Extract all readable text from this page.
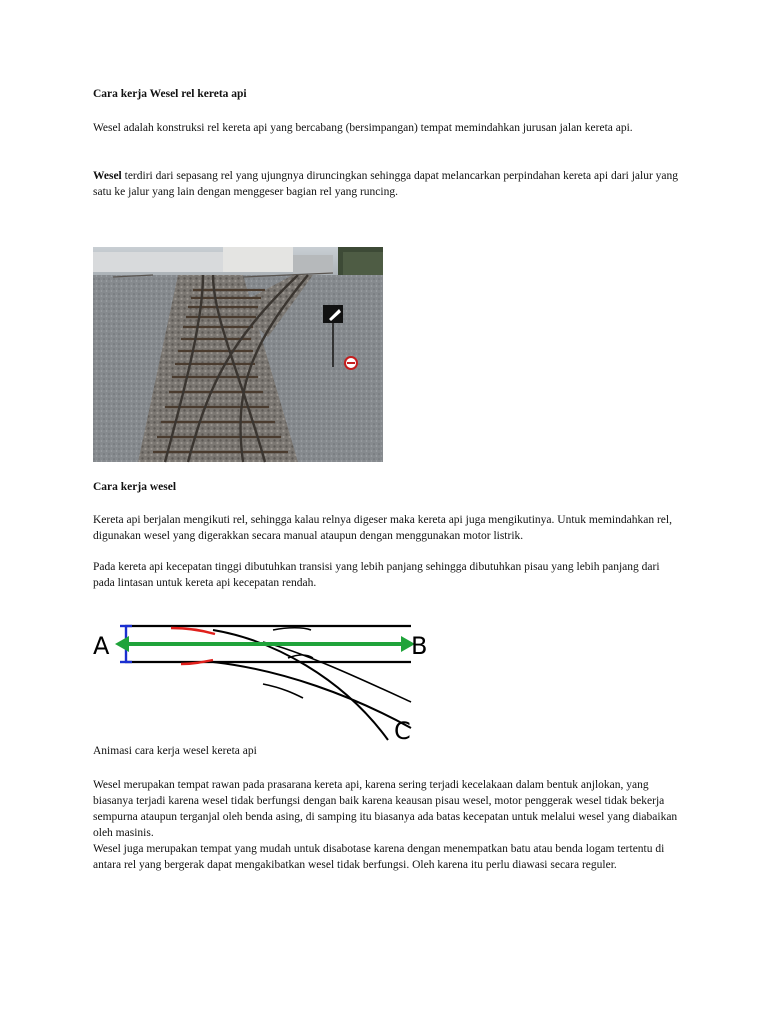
Cara kerja Wesel rel kereta api

Wesel adalah konstruksi rel kereta api yang bercabang (bersimpangan) tempat memindahkan jurusan jalan kereta api.

Wesel terdiri dari sepasang rel yang ujungnya diruncingkan sehingga dapat melancarkan perpindahan kereta api dari jalur yang satu ke jalur yang lain dengan menggeser bagian rel yang runcing.

Cara kerja wesel

Kereta api berjalan mengikuti rel, sehingga kalau relnya digeser maka kereta api juga mengikutinya. Untuk memindahkan rel, digunakan wesel yang digerakkan secara manual ataupun dengan menggunakan motor listrik.

Pada kereta api kecepatan tinggi dibutuhkan transisi yang lebih panjang sehingga dibutuhkan pisau yang lebih panjang dari pada lintasan untuk kereta api kecepatan rendah.

A	B
C

Animasi cara kerja wesel kereta api

Wesel merupakan tempat rawan pada prasarana kereta api, karena sering terjadi kecelakaan dalam bentuk anjlokan, yang biasanya terjadi karena wesel tidak berfungsi dengan baik karena keausan pisau wesel, motor penggerak wesel tidak bekerja sempurna ataupun terganjal oleh benda asing, di samping itu biasanya ada batas kecepatan untuk melalui wesel yang diabaikan oleh masinis.

Wesel juga merupakan tempat yang mudah untuk disabotase karena dengan menempatkan batu atau benda logam tertentu di antara rel yang bergerak dapat mengakibatkan wesel tidak berfungsi. Oleh karena itu perlu diawasi secara reguler.
